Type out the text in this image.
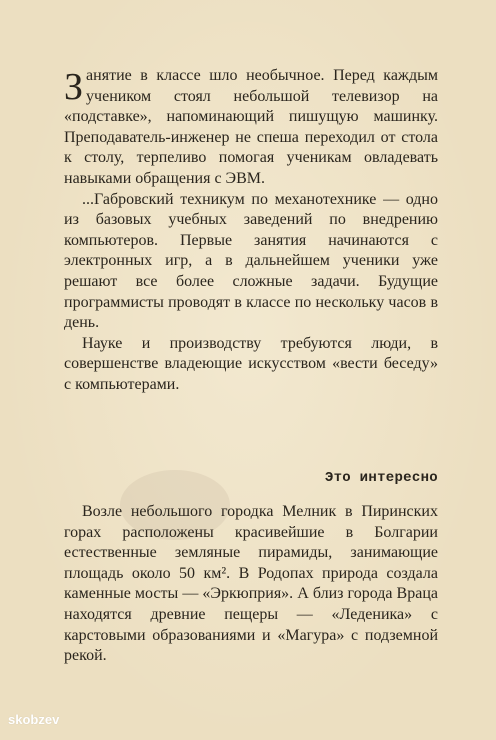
Занятие в классе шло необычное. Перед каждым учеником стоял небольшой телевизор на «подставке», напоминающий пишущую машинку. Преподаватель-инженер не спеша переходил от стола к столу, терпеливо помогая ученикам овладевать навыками обращения с ЭВМ.

...Габровский техникум по механотехнике — одно из базовых учебных заведений по внедрению компьютеров. Первые занятия начинаются с электронных игр, а в дальнейшем ученики уже решают все более сложные задачи. Будущие программисты проводят в классе по нескольку часов в день.

Науке и производству требуются люди, в совершенстве владеющие искусством «вести беседу» с компьютерами.

Это интересно

Возле небольшого городка Мелник в Пиринских горах расположены красивейшие в Болгарии естественные земляные пирамиды, занимающие площадь около 50 км². В Родопах природа создала каменные мосты — «Эркюприя». А близ города Враца находятся древние пещеры — «Леденика» с карстовыми образованиями и «Магура» с подземной рекой.

skobzev
